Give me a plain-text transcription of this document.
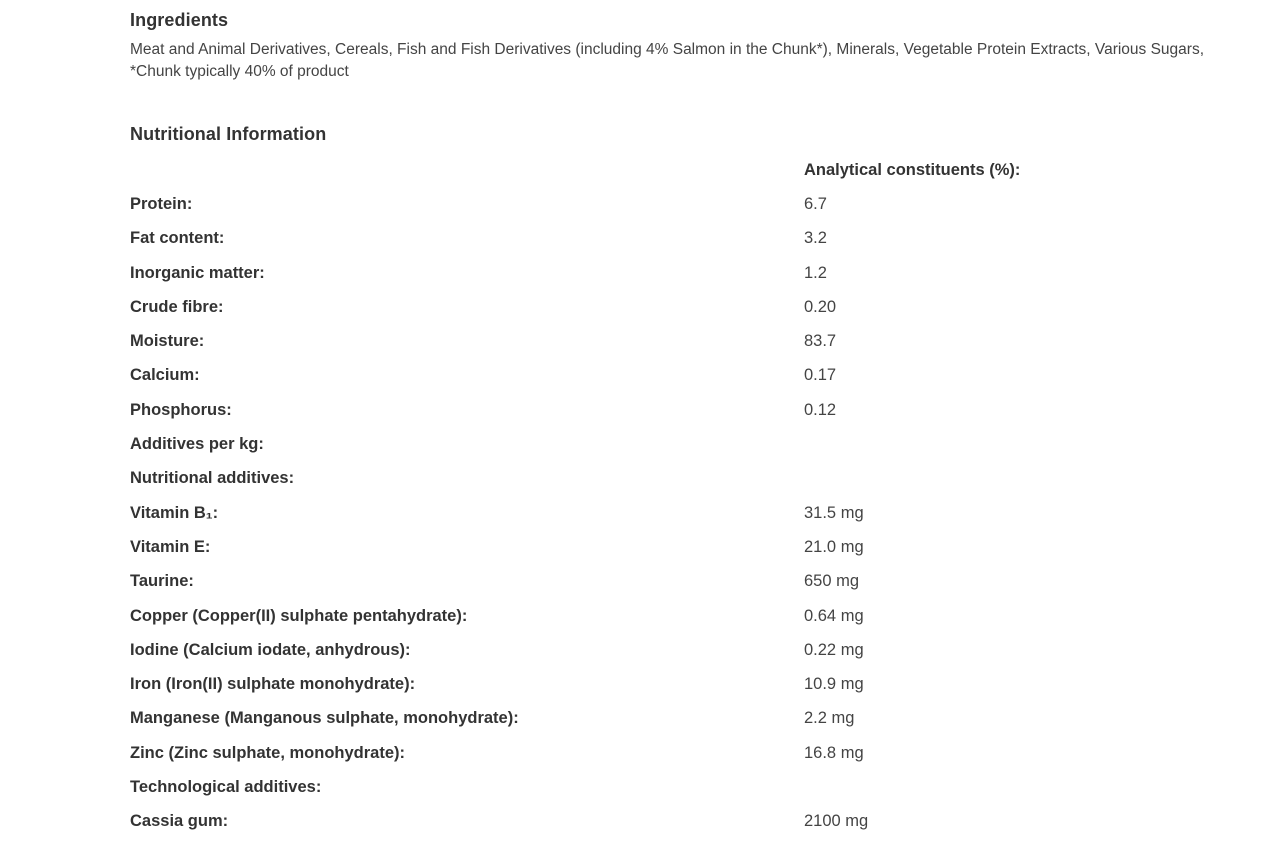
Ingredients

Meat and Animal Derivatives, Cereals, Fish and Fish Derivatives (including 4% Salmon in the Chunk*), Minerals, Vegetable Protein Extracts, Various Sugars, *Chunk typically 40% of product

Nutritional Information
	Analytical constituents (%):
Protein:	6.7
Fat content:	3.2
Inorganic matter:	1.2
Crude fibre:	0.20
Moisture:	83.7
Calcium:	0.17
Phosphorus:	0.12
Additives per kg:	
Nutritional additives:	
Vitamin B₁:	31.5 mg
Vitamin E:	21.0 mg
Taurine:	650 mg
Copper (Copper(II) sulphate pentahydrate):	0.64 mg
Iodine (Calcium iodate, anhydrous):	0.22 mg
Iron (Iron(II) sulphate monohydrate):	10.9 mg
Manganese (Manganous sulphate, monohydrate):	2.2 mg
Zinc (Zinc sulphate, monohydrate):	16.8 mg
Technological additives:	
Cassia gum:	2100 mg
